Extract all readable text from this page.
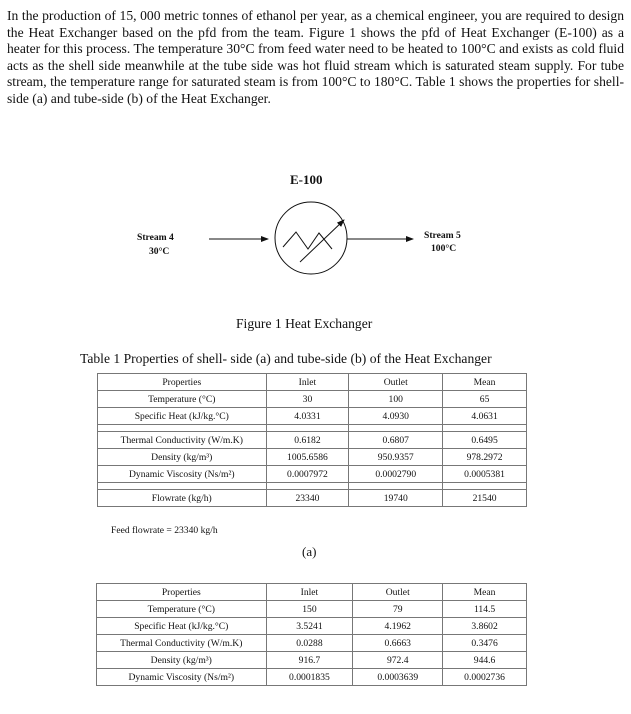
In the production of 15, 000 metric tonnes of ethanol per year, as a chemical engineer, you are required to design the Heat Exchanger based on the pfd from the team. Figure 1 shows the pfd of Heat Exchanger (E-100) as a heater for this process. The temperature 30°C from feed water need to be heated to 100°C and exists as cold fluid acts as the shell side meanwhile at the tube side was hot fluid stream which is saturated steam supply. For tube stream, the temperature range for saturated steam is from 100°C to 180°C. Table 1 shows the properties for shell- side (a) and tube-side (b) of the Heat Exchanger.

E-100
Stream 4
30°C
Stream 5
100°C
Figure 1 Heat Exchanger
Table 1 Properties of shell- side (a) and tube-side (b) of the Heat Exchanger
Properties	Inlet	Outlet	Mean
Temperature (°C)	30	100	65
Specific Heat (kJ/kg.°C)	4.0331	4.0930	4.0631

Thermal Conductivity (W/m.K)	0.6182	0.6807	0.6495
Density (kg/m³)	1005.6586	950.9357	978.2972
Dynamic Viscosity (Ns/m²)	0.0007972	0.0002790	0.0005381

Flowrate (kg/h)	23340	19740	21540
Feed flowrate = 23340 kg/h
(a)
Properties	Inlet	Outlet	Mean
Temperature (°C)	150	79	114.5
Specific Heat (kJ/kg.°C)	3.5241	4.1962	3.8602
Thermal Conductivity (W/m.K)	0.0288	0.6663	0.3476
Density (kg/m³)	916.7	972.4	944.6
Dynamic Viscosity (Ns/m²)	0.0001835	0.0003639	0.0002736
